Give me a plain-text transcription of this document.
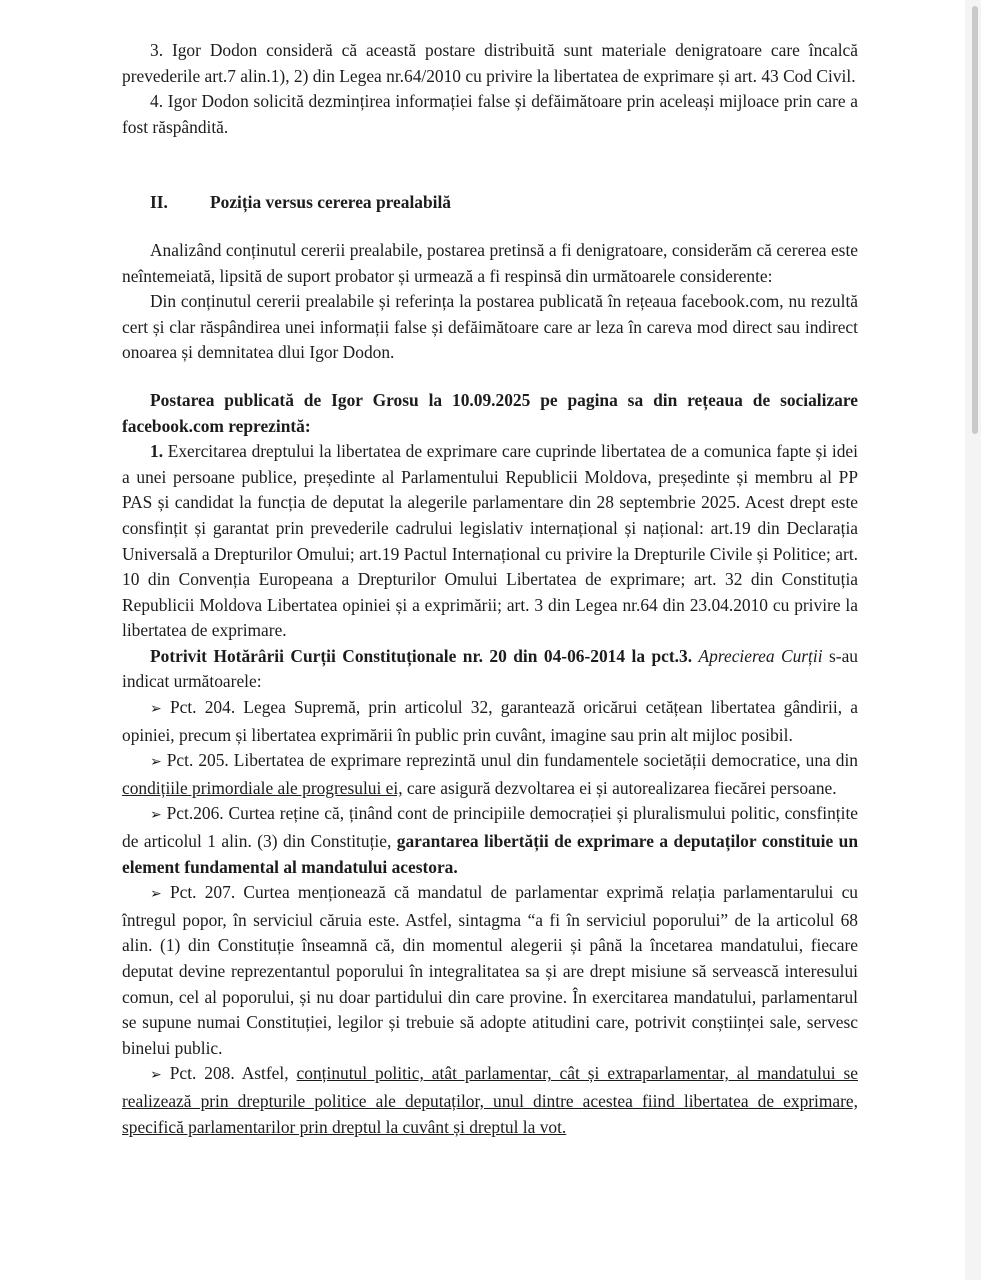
3. Igor Dodon consideră că această postare distribuită sunt materiale denigratoare care încalcă prevederile art.7 alin.1), 2) din Legea nr.64/2010 cu privire la libertatea de exprimare și art. 43 Cod Civil.

4. Igor Dodon solicită dezmințirea informației false și defăimătoare prin aceleași mijloace prin care a fost răspândită.

II.	Poziția versus cererea prealabilă

Analizând conținutul cererii prealabile, postarea pretinsă a fi denigratoare, considerăm că cererea este neîntemeiată, lipsită de suport probator și urmează a fi respinsă din următoarele considerente:

Din conținutul cererii prealabile și referința la postarea publicată în rețeaua facebook.com, nu rezultă cert și clar răspândirea unei informații false și defăimătoare care ar leza în careva mod direct sau indirect onoarea și demnitatea dlui Igor Dodon.

Postarea publicată de Igor Grosu la 10.09.2025 pe pagina sa din rețeaua de socializare facebook.com reprezintă:

1. Exercitarea dreptului la libertatea de exprimare care cuprinde libertatea de a comunica fapte și idei a unei persoane publice, președinte al Parlamentului Republicii Moldova, președinte și membru al PP PAS și candidat la funcția de deputat la alegerile parlamentare din 28 septembrie 2025. Acest drept este consfințit și garantat prin prevederile cadrului legislativ internațional și național: art.19 din Declarația Universală a Drepturilor Omului; art.19 Pactul Internațional cu privire la Drepturile Civile și Politice; art. 10 din Convenția Europeana a Drepturilor Omului Libertatea de exprimare; art. 32 din Constituția Republicii Moldova Libertatea opiniei și a exprimării; art. 3 din Legea nr.64 din 23.04.2010 cu privire la libertatea de exprimare.

Potrivit Hotărârii Curții Constituționale nr. 20 din 04-06-2014 la pct.3. Aprecierea Curții s-au indicat următoarele:

➢ Pct. 204. Legea Supremă, prin articolul 32, garantează oricărui cetățean libertatea gândirii, a opiniei, precum și libertatea exprimării în public prin cuvânt, imagine sau prin alt mijloc posibil.

➢ Pct. 205. Libertatea de exprimare reprezintă unul din fundamentele societății democratice, una din condițiile primordiale ale progresului ei, care asigură dezvoltarea ei și autorealizarea fiecărei persoane.

➢ Pct.206. Curtea reține că, ținând cont de principiile democrației și pluralismului politic, consfințite de articolul 1 alin. (3) din Constituție, garantarea libertății de exprimare a deputaților constituie un element fundamental al mandatului acestora.

➢ Pct. 207. Curtea menționează că mandatul de parlamentar exprimă relația parlamentarului cu întregul popor, în serviciul căruia este. Astfel, sintagma “a fi în serviciul poporului” de la articolul 68 alin. (1) din Constituție înseamnă că, din momentul alegerii și până la încetarea mandatului, fiecare deputat devine reprezentantul poporului în integralitatea sa și are drept misiune să servească interesului comun, cel al poporului, și nu doar partidului din care provine. În exercitarea mandatului, parlamentarul se supune numai Constituției, legilor și trebuie să adopte atitudini care, potrivit conștiinței sale, servesc binelui public.

➢ Pct. 208. Astfel, conținutul politic, atât parlamentar, cât și extraparlamentar, al mandatului se realizează prin drepturile politice ale deputaților, unul dintre acestea fiind libertatea de exprimare, specifică parlamentarilor prin dreptul la cuvânt și dreptul la vot.
